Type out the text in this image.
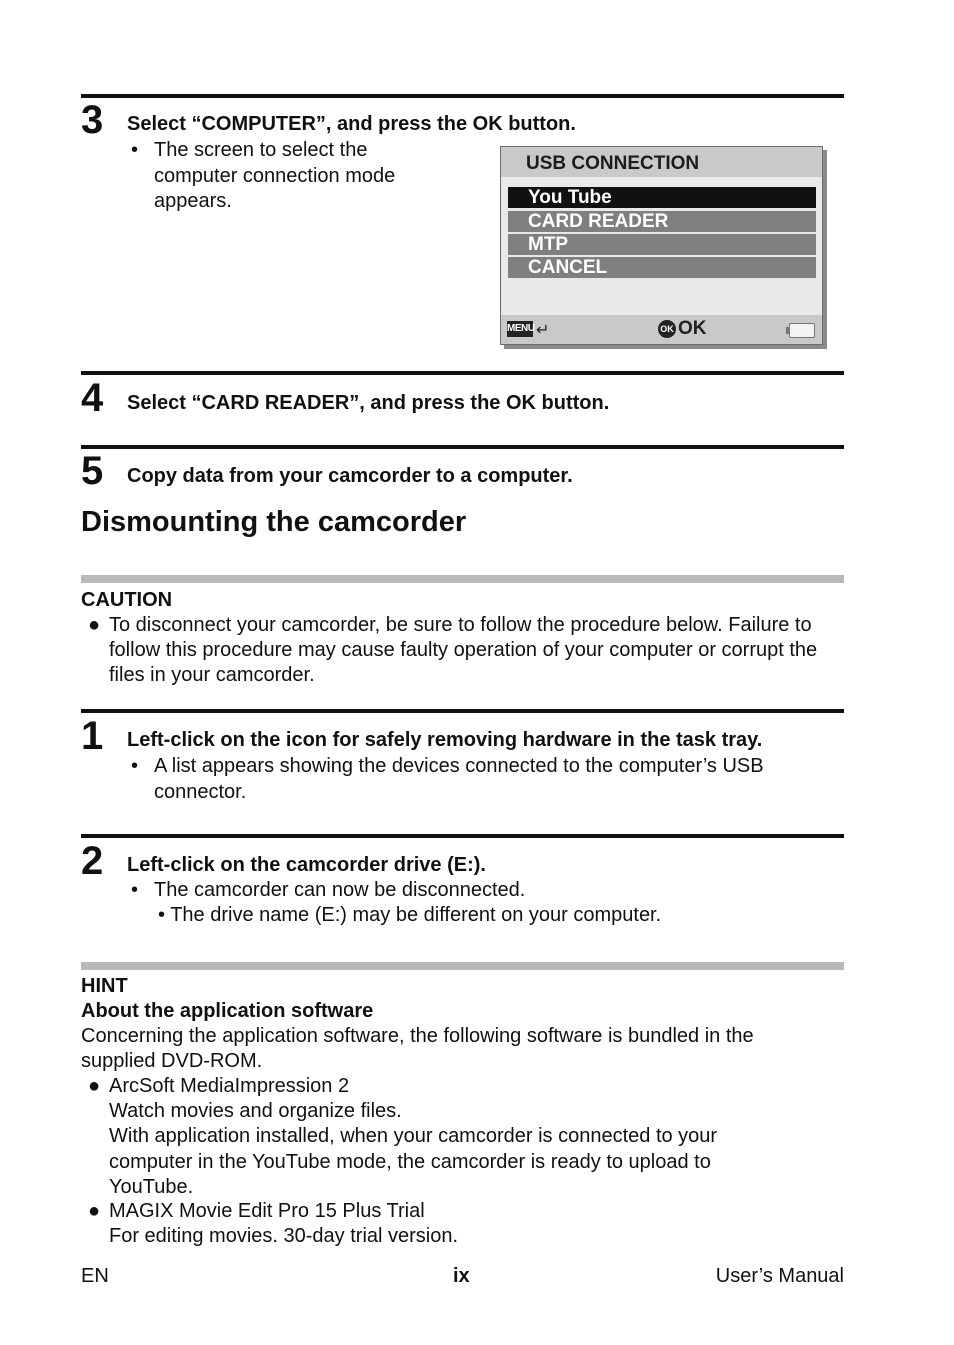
3 Select “COMPUTER”, and press the OK button.
• The screen to select the computer connection mode appears.
USB CONNECTION
You Tube
CARD READER
MTP
CANCEL
MENU ↵	OK OK
4 Select “CARD READER”, and press the OK button.
5 Copy data from your camcorder to a computer.
Dismounting the camcorder
CAUTION
● To disconnect your camcorder, be sure to follow the procedure below. Failure to follow this procedure may cause faulty operation of your computer or corrupt the files in your camcorder.
1 Left-click on the icon for safely removing hardware in the task tray.
• A list appears showing the devices connected to the computer’s USB connector.
2 Left-click on the camcorder drive (E:).
• The camcorder can now be disconnected.
• The drive name (E:) may be different on your computer.
HINT
About the application software
Concerning the application software, the following software is bundled in the supplied DVD-ROM.
● ArcSoft MediaImpression 2
Watch movies and organize files.
With application installed, when your camcorder is connected to your computer in the YouTube mode, the camcorder is ready to upload to YouTube.
● MAGIX Movie Edit Pro 15 Plus Trial
For editing movies. 30-day trial version.
EN	ix	User’s Manual
